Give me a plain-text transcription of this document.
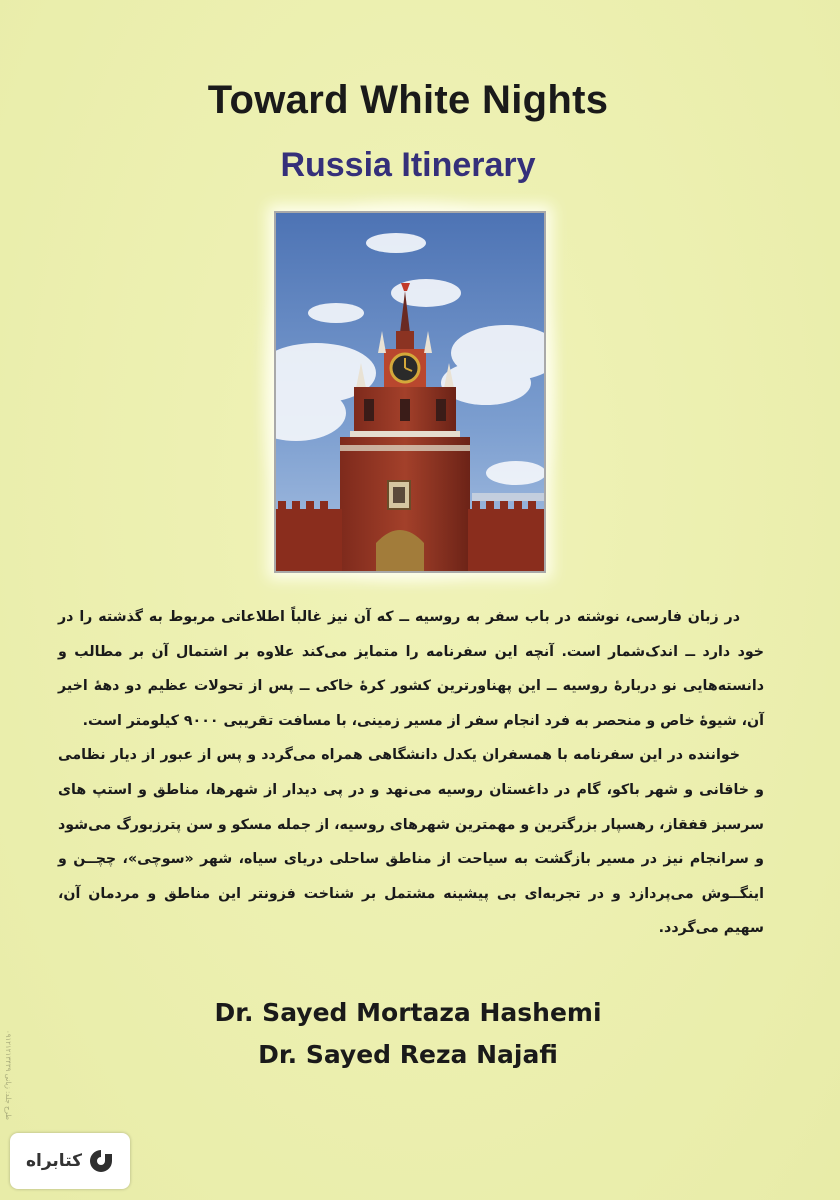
Toward White Nights
Russia Itinerary

در زبان فارسی، نوشته در باب سفر به روسیه ــ که آن نیز غالباً اطلاعاتی مربوط به گذشته را در خود دارد ــ اندک‌شمار است. آنچه این سفرنامه را متمایز می‌کند علاوه بر اشتمال آن بر مطالب و دانسته‌هایی نو دربارهٔ روسیه ــ این پهناورترین کشور کرهٔ خاکی ــ پس از تحولات عظیم دو دههٔ اخیر آن، شیوهٔ خاص و منحصر به فرد انجام سفر از مسیر زمینی، با مسافت تقریبی ۹۰۰۰ کیلومتر است.

خواننده در این سفرنامه با همسفران یکدل دانشگاهی همراه می‌گردد و پس از عبور از دیار نظامی و خاقانی و شهر باکو، گام در داغستان روسیه می‌نهد و در پی دیدار از شهرها، مناطق و استپ های سرسبز قفقاز، رهسپار بزرگترین و مهمترین شهرهای روسیه، از جمله مسکو و سن پترزبورگ می‌شود و سرانجام نیز در مسیر بازگشت به سیاحت از مناطق ساحلی دریای سیاه، شهر «سوچی»، چچــن و اینگــوش می‌پردازد و در تجربه‌ای بی پیشینه مشتمل بر شناخت فزونتر این مناطق و مردمان آن، سهیم می‌گردد.

Dr. Sayed Mortaza Hashemi
Dr. Sayed Reza Najafi
طرح جلد: زیانی ۰۹۱۲۱۲۱۳۴۳۹
کتابراه
